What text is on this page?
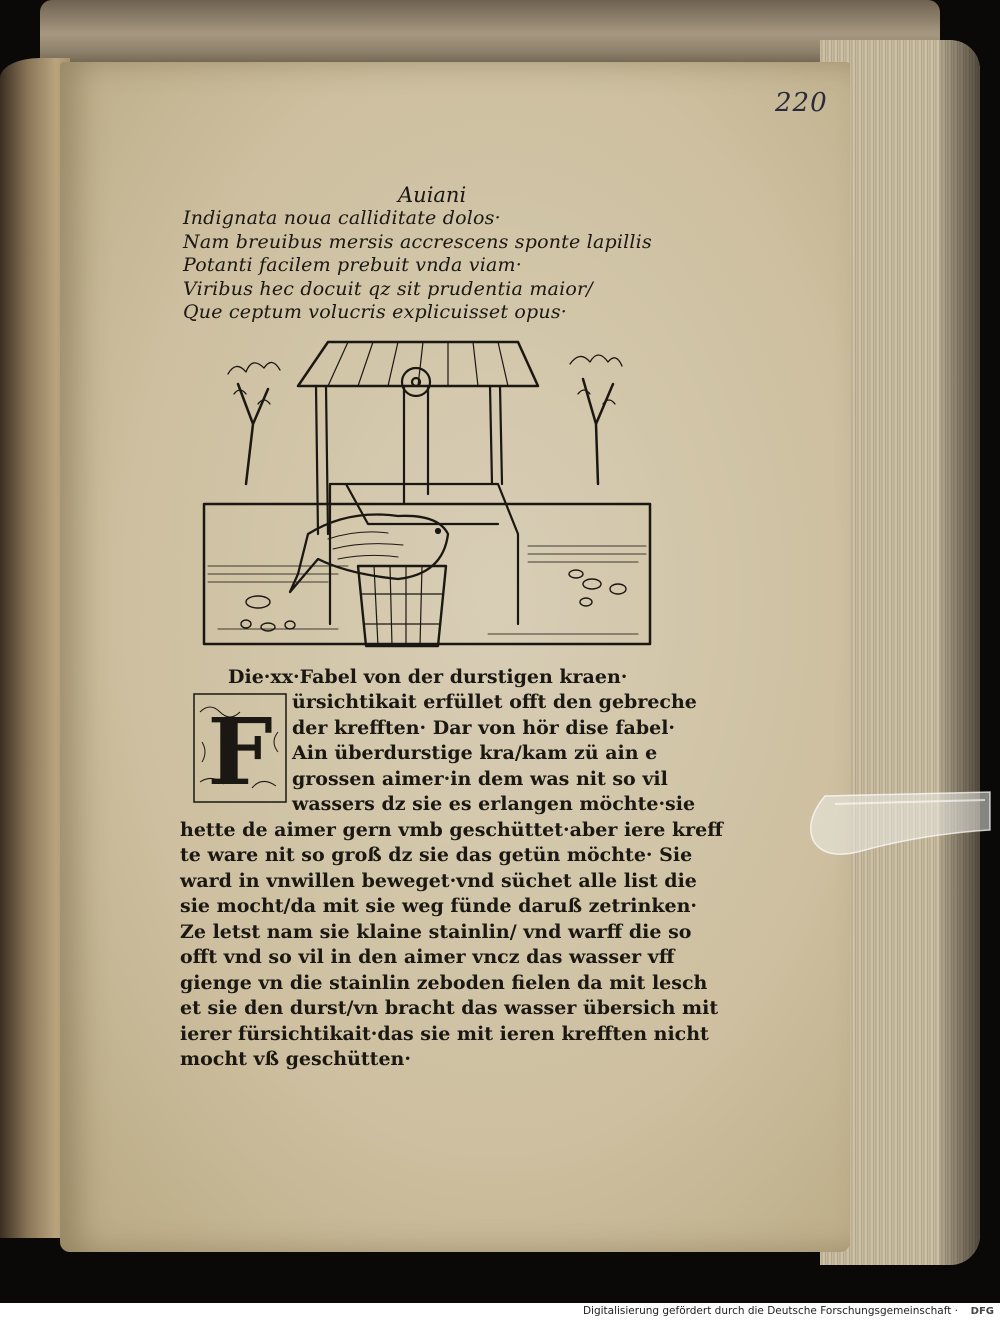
220
Auiani
Indignata noua calliditate dolos·
Nam breuibus mersis accrescens sponte lapillis
Potanti facilem prebuit vnda viam·
Viribus hec docuit qz sit prudentia maior/
Que ceptum volucris explicuisset opus·
Die·xx·Fabel von der durstigen kraen·
F	ürsichtikait erfüllet offt den gebreche
der krefften· Dar von hör dise fabel·
Ain überdurstige kra/kam zü ain e
grossen aimer·in dem was nit so vil
wassers dz sie es erlangen möchte·sie
hette de aimer gern vmb geschüttet·aber iere kreff
te ware nit so groß dz sie das getün möchte· Sie
ward in vnwillen beweget·vnd süchet alle list die
sie mocht/da mit sie weg fünde daruß zetrinken·
Ze letst nam sie klaine stainlin/ vnd warff die so
offt vnd so vil in den aimer vncz das wasser vff
gienge vn die stainlin zeboden fielen da mit lesch
et sie den durst/vn bracht das wasser übersich mit
ierer fürsichtikait·das sie mit ieren krefften nicht
mocht vß geschütten·
Digitalisierung gefördert durch die Deutsche Forschungsgemeinschaft · DFG
